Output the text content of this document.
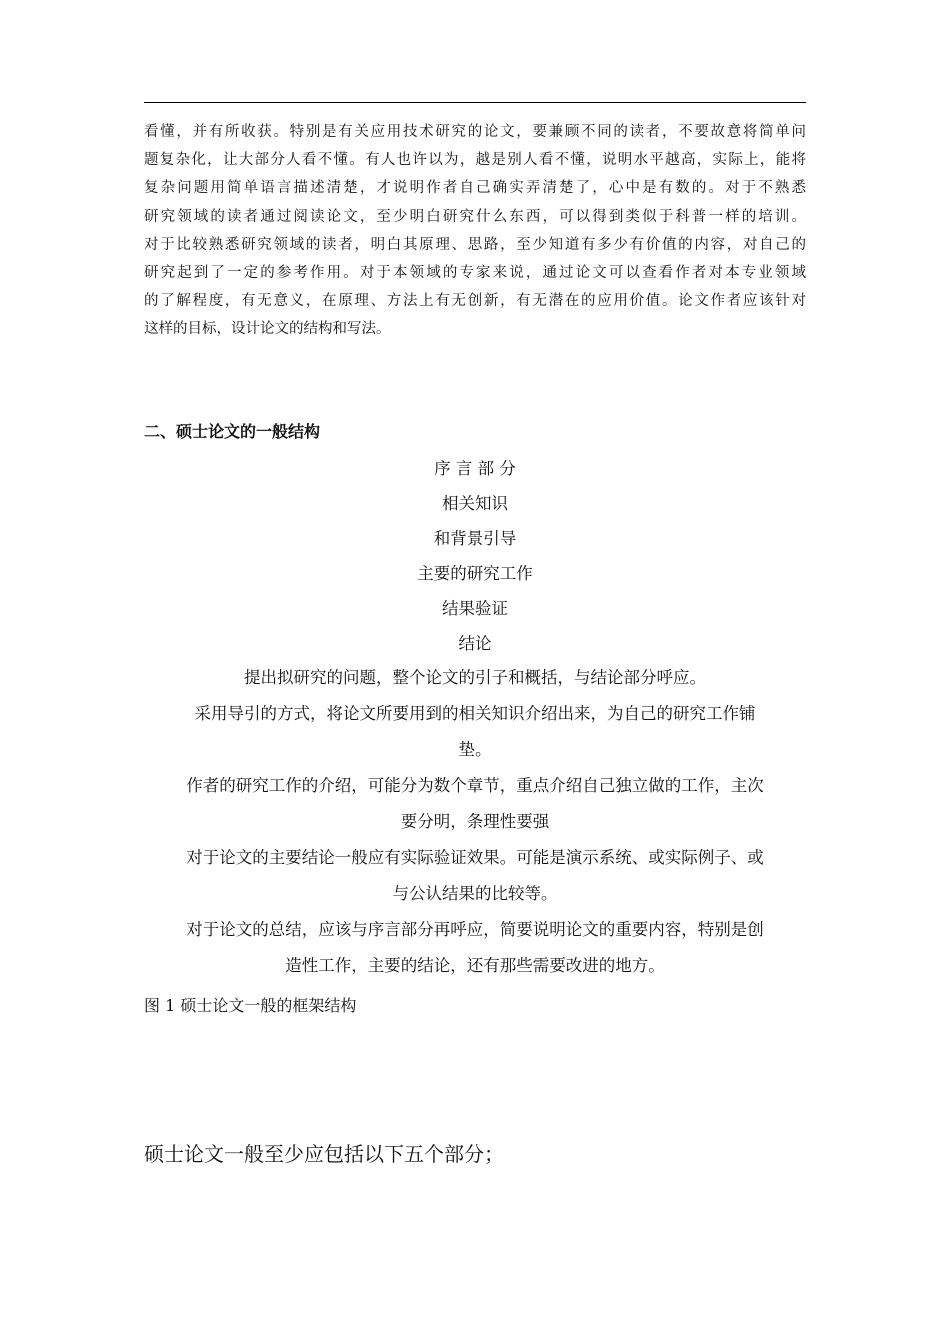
看懂，并有所收获。特别是有关应用技术研究的论文，要兼顾不同的读者，不要故意将简单问
题复杂化，让大部分人看不懂。有人也许以为，越是别人看不懂，说明水平越高，实际上，能将
复杂问题用简单语言描述清楚，才说明作者自己确实弄清楚了，心中是有数的。对于不熟悉
研究领域的读者通过阅读论文，至少明白研究什么东西，可以得到类似于科普一样的培训。
对于比较熟悉研究领域的读者，明白其原理、思路，至少知道有多少有价值的内容，对自己的
研究起到了一定的参考作用。对于本领域的专家来说，通过论文可以查看作者对本专业领域
的了解程度，有无意义，在原理、方法上有无创新，有无潜在的应用价值。论文作者应该针对
这样的目标，设计论文的结构和写法。
二、硕士论文的一般结构
序 言 部 分
相关知识
和背景引导
主要的研究工作
结果验证
结论
提出拟研究的问题，整个论文的引子和概括，与结论部分呼应。
采用导引的方式，将论文所要用到的相关知识介绍出来，为自己的研究工作铺
垫。
作者的研究工作的介绍，可能分为数个章节，重点介绍自己独立做的工作，主次
要分明，条理性要强
对于论文的主要结论一般应有实际验证效果。可能是演示系统、或实际例子、或
与公认结果的比较等。
对于论文的总结，应该与序言部分再呼应，简要说明论文的重要内容，特别是创
造性工作，主要的结论，还有那些需要改进的地方。
图 1 硕士论文一般的框架结构
硕士论文一般至少应包括以下五个部分；
